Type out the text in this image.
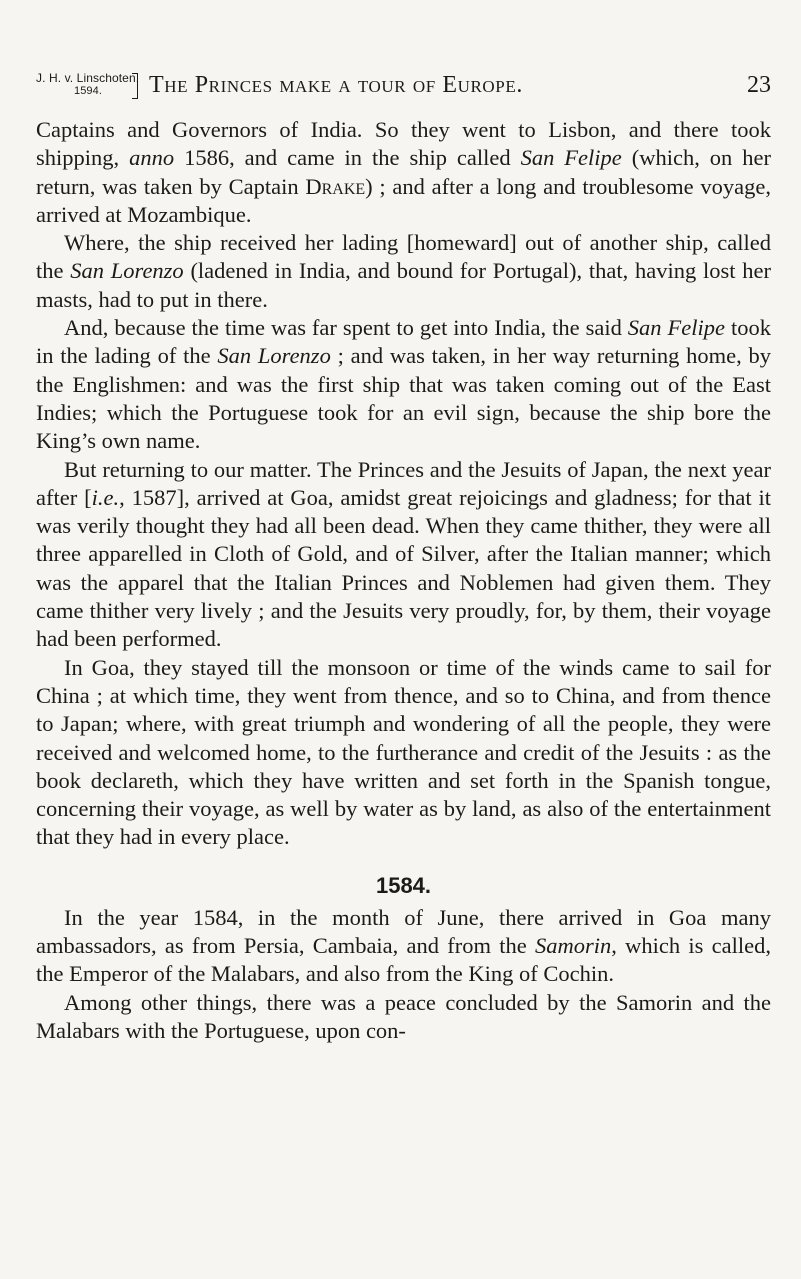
J. H. v. Linschoten.
1594. The Princes make a tour of Europe.	23

Captains and Governors of India. So they went to Lisbon, and there took shipping, anno 1586, and came in the ship called San Felipe (which, on her return, was taken by Captain Drake) ; and after a long and troublesome voyage, arrived at Mozambique.

Where, the ship received her lading [homeward] out of another ship, called the San Lorenzo (ladened in India, and bound for Portugal), that, having lost her masts, had to put in there.

And, because the time was far spent to get into India, the said San Felipe took in the lading of the San Lorenzo ; and was taken, in her way returning home, by the Englishmen: and was the first ship that was taken coming out of the East Indies; which the Portuguese took for an evil sign, because the ship bore the King’s own name.

But returning to our matter. The Princes and the Jesuits of Japan, the next year after [i.e., 1587], arrived at Goa, amidst great rejoicings and gladness; for that it was verily thought they had all been dead. When they came thither, they were all three apparelled in Cloth of Gold, and of Silver, after the Italian manner; which was the apparel that the Italian Princes and Noblemen had given them. They came thither very lively ; and the Jesuits very proudly, for, by them, their voyage had been performed.

In Goa, they stayed till the monsoon or time of the winds came to sail for China ; at which time, they went from thence, and so to China, and from thence to Japan; where, with great triumph and wondering of all the people, they were received and welcomed home, to the furtherance and credit of the Jesuits : as the book declareth, which they have written and set forth in the Spanish tongue, concerning their voyage, as well by water as by land, as also of the entertainment that they had in every place.

1584.

In the year 1584, in the month of June, there arrived in Goa many ambassadors, as from Persia, Cambaia, and from the Samorin, which is called, the Emperor of the Malabars, and also from the King of Cochin.

Among other things, there was a peace concluded by the Samorin and the Malabars with the Portuguese, upon con-
